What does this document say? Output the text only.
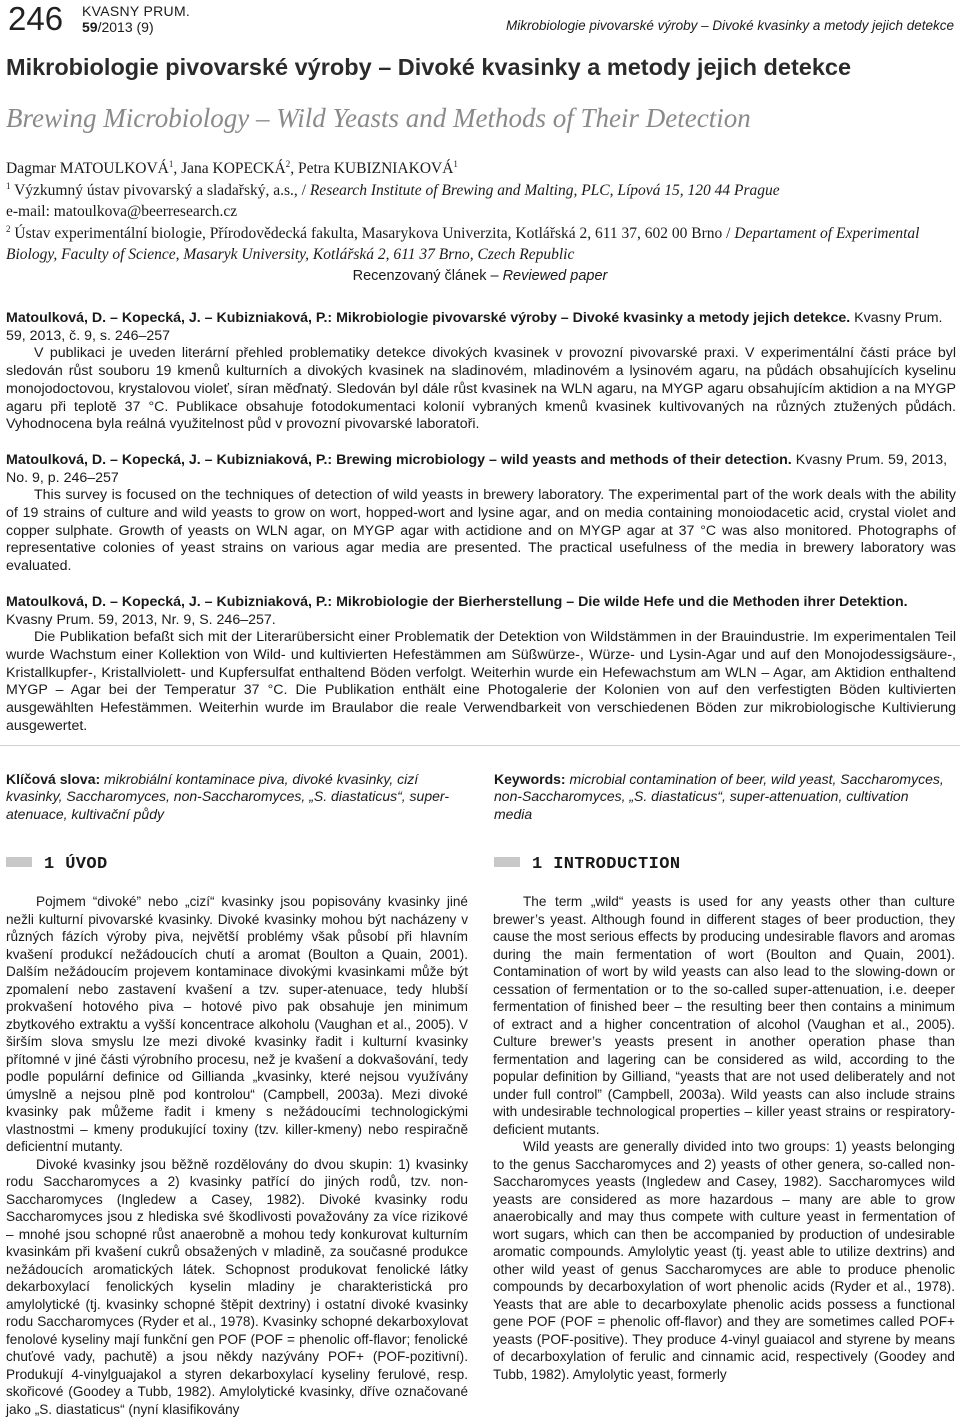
246 KVASNY PRUM.
59/2013 (9)	Mikrobiologie pivovarské výroby – Divoké kvasinky a metody jejich detekce
Mikrobiologie pivovarské výroby – Divoké kvasinky a metody jejich detekce
Brewing Microbiology – Wild Yeasts and Methods of Their Detection
Dagmar MATOULKOVÁ$^1$, Jana KOPECKÁ$^2$, Petra KUBIZNIAKOVÁ$^1$
$^1$ Výzkumný ústav pivovarský a sladařský, a.s., / Research Institute of Brewing and Malting, PLC, Lípová 15, 120 44 Prague
e-mail: matoulkova@beerresearch.cz
$^2$ Ústav experimentální biologie, Přírodovědecká fakulta, Masarykova Univerzita, Kotlářská 2, 611 37, 602 00 Brno / Departament of Experimental Biology, Faculty of Science, Masaryk University, Kotlářská 2, 611 37 Brno, Czech Republic
Recenzovaný článek – Reviewed paper
Matoulková, D. – Kopecká, J. – Kubizniaková, P.: Mikrobiologie pivovarské výroby – Divoké kvasinky a metody jejich detekce. Kvasny Prum. 59, 2013, č. 9, s. 246–257
V publikaci je uveden literární přehled problematiky detekce divokých kvasinek v provozní pivovarské praxi. V experimentální části práce byl sledován růst souboru 19 kmenů kulturních a divokých kvasinek na sladinovém, mladinovém a lysinovém agaru, na půdách obsahujících kyselinu monojodoctovou, krystalovou violeť, síran měďnatý. Sledován byl dále růst kvasinek na WLN agaru, na MYGP agaru obsahujícím aktidion a na MYGP agaru při teplotě 37 °C. Publikace obsahuje fotodokumentaci kolonií vybraných kmenů kvasinek kultivovaných na různých ztužených půdách. Vyhodnocena byla reálná využitelnost půd v provozní pivovarské laboratoři.
Matoulková, D. – Kopecká, J. – Kubizniaková, P.: Brewing microbiology – wild yeasts and methods of their detection. Kvasny Prum. 59, 2013, No. 9, p. 246–257
This survey is focused on the techniques of detection of wild yeasts in brewery laboratory. The experimental part of the work deals with the ability of 19 strains of culture and wild yeasts to grow on wort, hopped-wort and lysine agar, and on media containing monoiodacetic acid, crystal violet and copper sulphate. Growth of yeasts on WLN agar, on MYGP agar with actidione and on MYGP agar at 37 °C was also monitored. Photographs of representative colonies of yeast strains on various agar media are presented. The practical usefulness of the media in brewery laboratory was evaluated.
Matoulková, D. – Kopecká, J. – Kubizniaková, P.: Mikrobiologie der Bierherstellung – Die wilde Hefe und die Methoden ihrer Detektion. Kvasny Prum. 59, 2013, Nr. 9, S. 246–257.
Die Publikation befaßt sich mit der Literarübersicht einer Problematik der Detektion von Wildstämmen in der Brauindustrie. Im experimentalen Teil wurde Wachstum einer Kollektion von Wild- und kultivierten Hefestämmen am Süßwürze-, Würze- und Lysin-Agar und auf den Monojodessigsäure-, Kristallkupfer-, Kristallviolett- und Kupfersulfat enthaltend Böden verfolgt. Weiterhin wurde ein Hefewachstum am WLN – Agar, am Aktidion enthaltend MYGP – Agar bei der Temperatur 37 °C. Die Publikation enthält eine Photogalerie der Kolonien von auf den verfestigten Böden kultivierten ausgewählten Hefestämmen. Weiterhin wurde im Braulabor die reale Verwendbarkeit von verschiedenen Böden zur mikrobiologische Kultivierung ausgewertet.
Klíčová slova: mikrobiální kontaminace piva, divoké kvasinky, cizí kvasinky, Saccharomyces, non-Saccharomyces, „S. diastaticus“, super-atenuace, kultivační půdy
Keywords: microbial contamination of beer, wild yeast, Saccharomyces, non-Saccharomyces, „S. diastaticus“, super-attenuation, cultivation media
1 ÚVOD	1 INTRODUCTION

Pojmem “divoké” nebo „cizí“ kvasinky jsou popisovány kvasinky jiné nežli kulturní pivovarské kvasinky. Divoké kvasinky mohou být nacházeny v různých fázích výroby piva, největší problémy však působí při hlavním kvašení produkcí nežádoucích chutí a aromat (Boulton a Quain, 2001). Dalším nežádoucím projevem kontaminace divokými kvasinkami může být zpomalení nebo zastavení kvašení a tzv. super-atenuace, tedy hlubší prokvašení hotového piva – hotové pivo pak obsahuje jen minimum zbytkového extraktu a vyšší koncentrace alkoholu (Vaughan et al., 2005). V širším slova smyslu lze mezi divoké kvasinky řadit i kulturní kvasinky přítomné v jiné části výrobního procesu, než je kvašení a dokvašování, tedy podle populární definice od Gillianda „kvasinky, které nejsou využívány úmyslně a nejsou plně pod kontrolou“ (Campbell, 2003a). Mezi divoké kvasinky pak můžeme řadit i kmeny s nežádoucími technologickými vlastnostmi – kmeny produkující toxiny (tzv. killer-kmeny) nebo respiračně deficientní mutanty.

Divoké kvasinky jsou běžně rozdělovány do dvou skupin: 1) kvasinky rodu Saccharomyces a 2) kvasinky patřící do jiných rodů, tzv. non-Saccharomyces (Ingledew a Casey, 1982). Divoké kvasinky rodu Saccharomyces jsou z hlediska své škodlivosti považovány za více rizikové – mnohé jsou schopné růst anaerobně a mohou tedy konkurovat kulturním kvasinkám při kvašení cukrů obsažených v mladině, za současné produkce nežádoucích aromatických látek. Schopnost produkovat fenolické látky dekarboxylací fenolických kyselin mladiny je charakteristická pro amylolytické (tj. kvasinky schopné štěpit dextriny) i ostatní divoké kvasinky rodu Saccharomyces (Ryder et al., 1978). Kvasinky schopné dekarboxylovat fenolové kyseliny mají funkční gen POF (POF = phenolic off-flavor; fenolické chuťové vady, pachutě) a jsou někdy nazývány POF+ (POF-pozitivní). Produkují 4-vinylguajakol a styren dekarboxylací kyseliny ferulové, resp. skořicové (Goodey a Tubb, 1982). Amylolytické kvasinky, dříve označované jako „S. diastaticus“ (nyní klasifikovány

The term „wild“ yeasts is used for any yeasts other than culture brewer’s yeast. Although found in different stages of beer production, they cause the most serious effects by producing undesirable flavors and aromas during the main fermentation of wort (Boulton and Quain, 2001). Contamination of wort by wild yeasts can also lead to the slowing-down or cessation of fermentation or to the so-called super-attenuation, i.e. deeper fermentation of finished beer – the resulting beer then contains a minimum of extract and a higher concentration of alcohol (Vaughan et al., 2005). Culture brewer’s yeasts present in another operation phase than fermentation and lagering can be considered as wild, according to the popular definition by Gilliand, “yeasts that are not used deliberately and not under full control” (Campbell, 2003a). Wild yeasts can also include strains with undesirable technological properties – killer yeast strains or respiratory-deficient mutants.

Wild yeasts are generally divided into two groups: 1) yeasts belonging to the genus Saccharomyces and 2) yeasts of other genera, so-called non-Saccharomyces yeasts (Ingledew and Casey, 1982). Saccharomyces wild yeasts are considered as more hazardous – many are able to grow anaerobically and may thus compete with culture yeast in fermentation of wort sugars, which can then be accompanied by production of undesirable aromatic compounds. Amylolytic yeast (tj. yeast able to utilize dextrins) and other wild yeast of genus Saccharomyces are able to produce phenolic compounds by decarboxylation of wort phenolic acids (Ryder et al., 1978). Yeasts that are able to decarboxylate phenolic acids possess a functional gene POF (POF = phenolic off-flavor) and they are sometimes called POF+ yeasts (POF-positive). They produce 4-vinyl guaiacol and styrene by means of decarboxylation of ferulic and cinnamic acid, respectively (Goodey and Tubb, 1982). Amylolytic yeast, formerly
